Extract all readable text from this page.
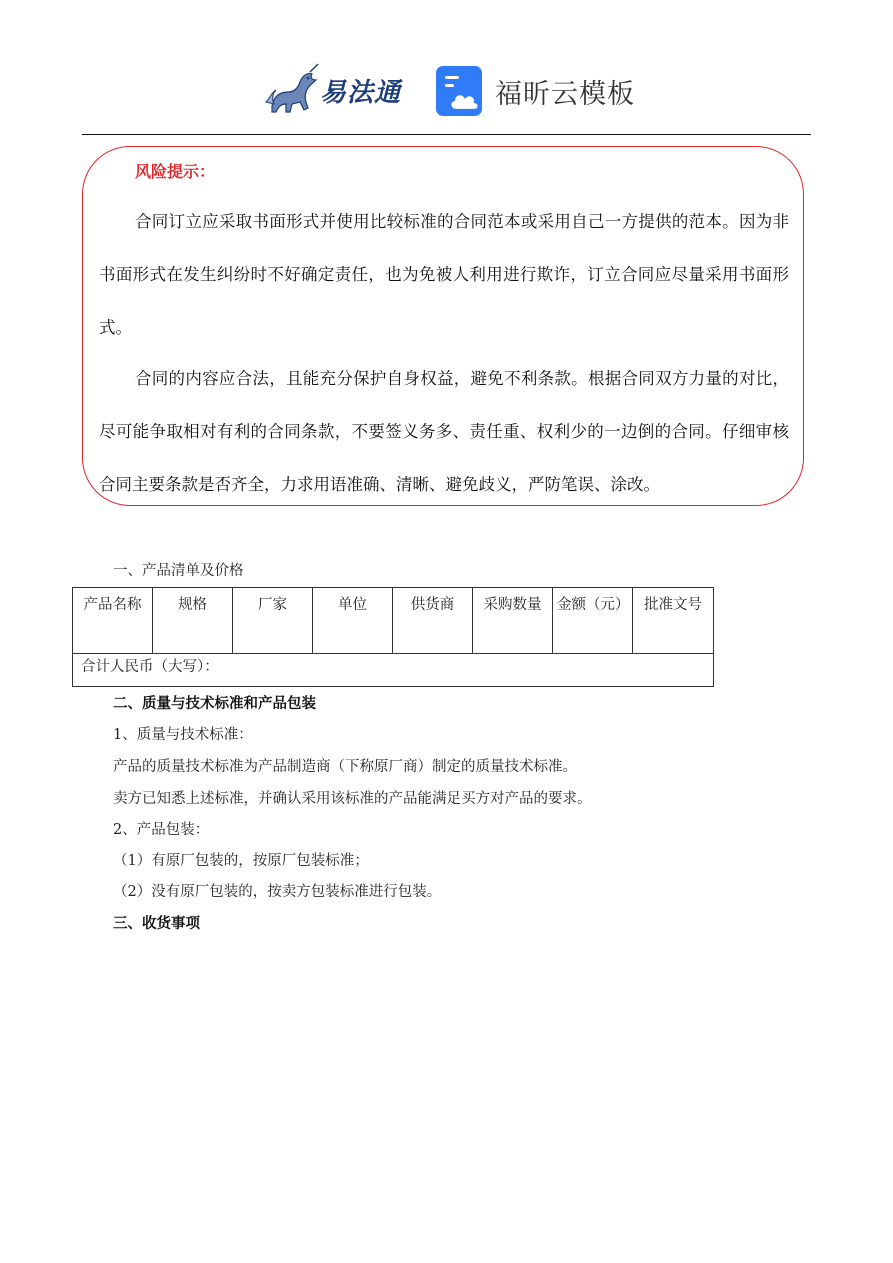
易法通	福昕云模板
风险提示：

合同订立应采取书面形式并使用比较标准的合同范本或采用自己一方提供的范本。因为非书面形式在发生纠纷时不好确定责任，也为免被人利用进行欺诈，订立合同应尽量采用书面形式。

合同的内容应合法，且能充分保护自身权益，避免不利条款。根据合同双方力量的对比，尽可能争取相对有利的合同条款，不要签义务多、责任重、权利少的一边倒的合同。仔细审核合同主要条款是否齐全，力求用语准确、清晰、避免歧义，严防笔误、涂改。

一、产品清单及价格
产品名称	规格	厂家	单位	供货商	采购数量	金额（元）	批准文号
合计人民币（大写）：
二、质量与技术标准和产品包装
1、质量与技术标准：
产品的质量技术标准为产品制造商（下称原厂商）制定的质量技术标准。
卖方已知悉上述标准，并确认采用该标准的产品能满足买方对产品的要求。
2、产品包装：
（1）有原厂包装的，按原厂包装标准；
（2）没有原厂包装的，按卖方包装标准进行包装。
三、收货事项
